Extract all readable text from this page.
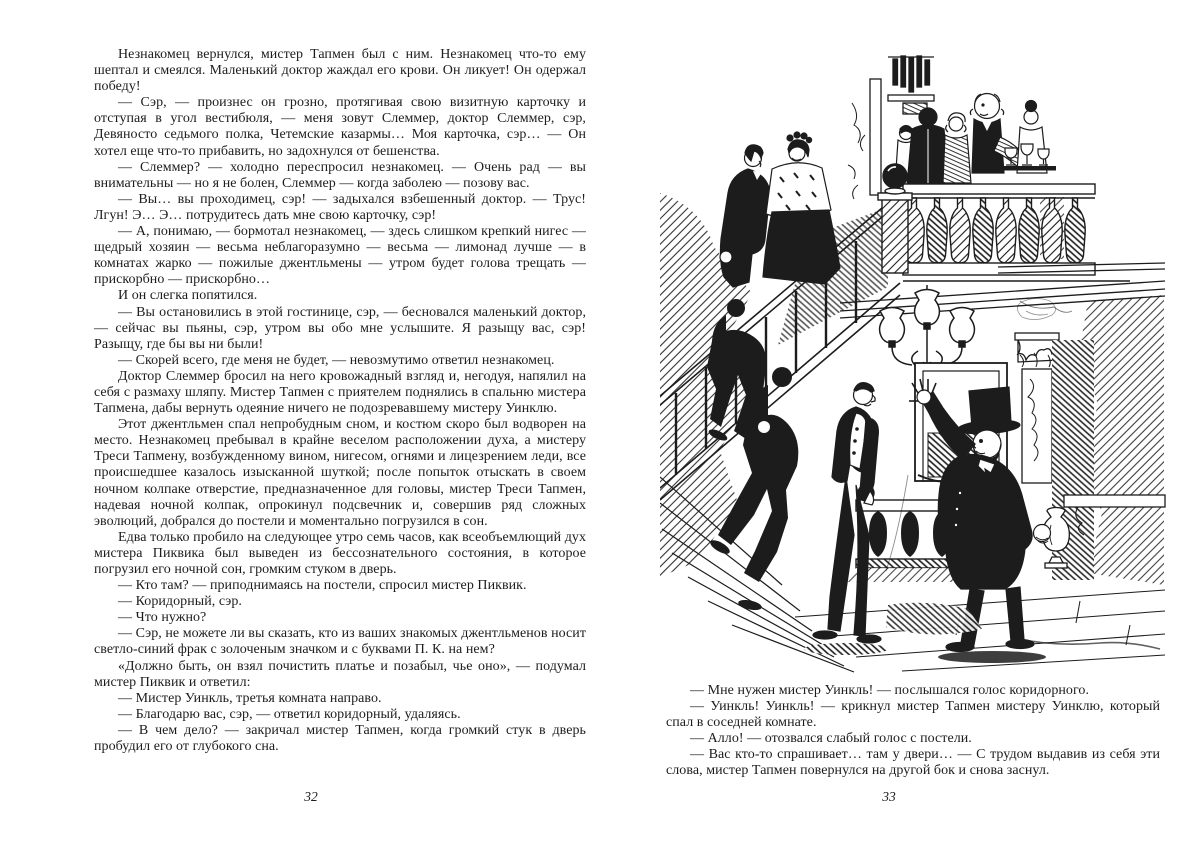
Незнакомец вернулся, мистер Тапмен был с ним. Незнакомец что-то ему шептал и смеялся. Маленький доктор жаждал его крови. Он ликует! Он одержал победу!

— Сэр, — произнес он грозно, протягивая свою визитную карточку и отступая в угол вестибюля, — меня зовут Слеммер, доктор Слеммер, сэр, Девяносто седьмого полка, Четемские казармы… Моя карточка, сэр… — Он хотел еще что-то прибавить, но задохнулся от бешенства.

— Слеммер? — холодно переспросил незнакомец. — Очень рад — вы внимательны — но я не болен, Слеммер — когда заболею — позову вас.

— Вы… вы проходимец, сэр! — задыхался взбешенный доктор. — Трус! Лгун! Э… Э… потрудитесь дать мне свою карточку, сэр!

— А, понимаю, — бормотал незнакомец, — здесь слишком крепкий нигес — щедрый хозяин — весьма неблагоразумно — весьма — лимонад лучше — в комнатах жарко — пожилые джентльмены — утром будет голова трещать — прискорбно — прискорбно…

И он слегка попятился.

— Вы остановились в этой гостинице, сэр, — бесновался маленький доктор, — сейчас вы пьяны, сэр, утром вы обо мне услышите. Я разыщу вас, сэр! Разыщу, где бы вы ни были!

— Скорей всего, где меня не будет, — невозмутимо ответил незнакомец.

Доктор Слеммер бросил на него кровожадный взгляд и, негодуя, напялил на себя с размаху шляпу. Мистер Тапмен с приятелем поднялись в спальню мистера Тапмена, дабы вернуть одеяние ничего не подозревавшему мистеру Уинклю.

Этот джентльмен спал непробудным сном, и костюм скоро был водворен на место. Незнакомец пребывал в крайне веселом расположении духа, а мистеру Треси Тапмену, возбужденному вином, нигесом, огнями и лицезрением леди, все происшедшее казалось изысканной шуткой; после попыток отыскать в своем ночном колпаке отверстие, предназначенное для головы, мистер Треси Тапмен, надевая ночной колпак, опрокинул подсвечник и, совершив ряд сложных эволюций, добрался до постели и моментально погрузился в сон.

Едва только пробило на следующее утро семь часов, как всеобъемлющий дух мистера Пиквика был выведен из бессознательного состояния, в которое погрузил его ночной сон, громким стуком в дверь.

— Кто там? — приподнимаясь на постели, спросил мистер Пиквик.

— Коридорный, сэр.

— Что нужно?

— Сэр, не можете ли вы сказать, кто из ваших знакомых джентльменов носит светло-синий фрак с золоченым значком и с буквами П. К. на нем?

«Должно быть, он взял почистить платье и позабыл, чье оно», — подумал мистер Пиквик и ответил:

— Мистер Уинкль, третья комната направо.

— Благодарю вас, сэр, — ответил коридорный, удаляясь.

— В чем дело? — закричал мистер Тапмен, когда громкий стук в дверь пробудил его от глубокого сна.

32

— Мне нужен мистер Уинкль! — послышался голос коридорного.

— Уинкль! Уинкль! — крикнул мистер Тапмен мистеру Уинклю, который спал в соседней комнате.

— Алло! — отозвался слабый голос с постели.

— Вас кто-то спрашивает… там у двери… — С трудом выдавив из себя эти слова, мистер Тапмен повернулся на другой бок и снова заснул.

33
